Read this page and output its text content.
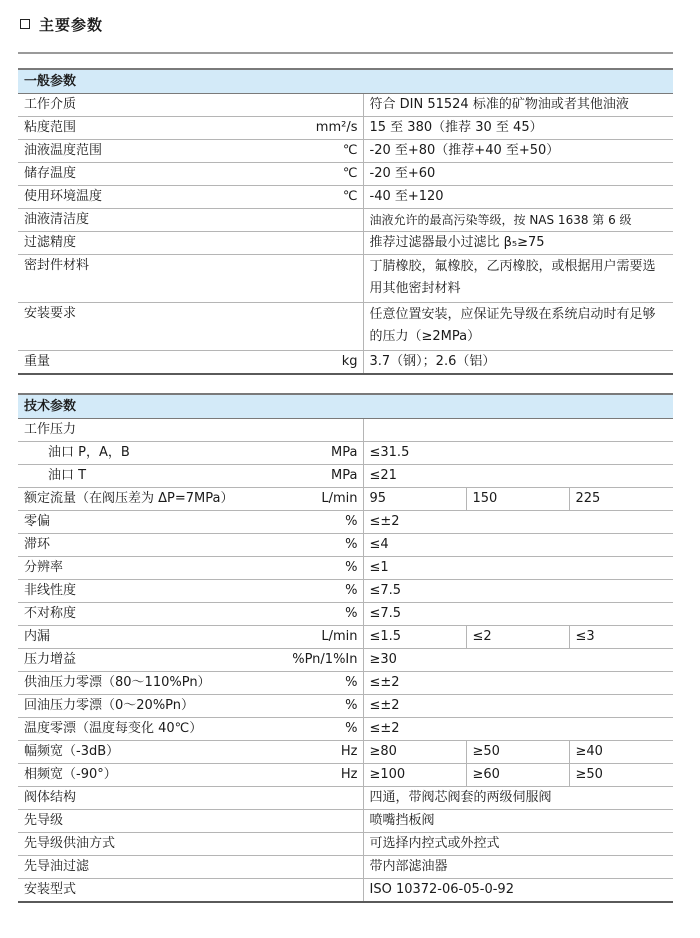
主要参数
一般参数		
工作介质		符合 DIN 51524 标准的矿物油或者其他油液
粘度范围	mm²/s	15 至 380（推荐 30 至 45）
油液温度范围	℃	-20 至+80（推荐+40 至+50）
储存温度	℃	-20 至+60
使用环境温度	℃	-40 至+120
油液清洁度		油液允许的最高污染等级，按 NAS 1638 第 6 级
过滤精度		推荐过滤器最小过滤比 β₅≥75
密封件材料		丁腈橡胶，氟橡胶，乙丙橡胶，或根据用户需要选用其他密封材料
安装要求		任意位置安装，应保证先导级在系统启动时有足够的压力（≥2MPa）
重量	kg	3.7（钢）；2.6（铝）
技术参数				
工作压力				
油口 P，A，B	MPa	≤31.5		
油口 T	MPa	≤21		
额定流量（在阀压差为 ΔP=7MPa）	L/min	95	150	225
零偏	%	≤±2		
滞环	%	≤4		
分辨率	%	≤1		
非线性度	%	≤7.5		
不对称度	%	≤7.5		
内漏	L/min	≤1.5	≤2	≤3
压力增益	%Pn/1%In	≥30		
供油压力零漂（80～110%Pn）	%	≤±2		
回油压力零漂（0～20%Pn）	%	≤±2		
温度零漂（温度每变化 40℃）	%	≤±2		
幅频宽（-3dB）	Hz	≥80	≥50	≥40
相频宽（-90°）	Hz	≥100	≥60	≥50
阀体结构		四通，带阀芯阀套的两级伺服阀		
先导级		喷嘴挡板阀		
先导级供油方式		可选择内控式或外控式		
先导油过滤		带内部滤油器		
安装型式		ISO 10372-06-05-0-92		
